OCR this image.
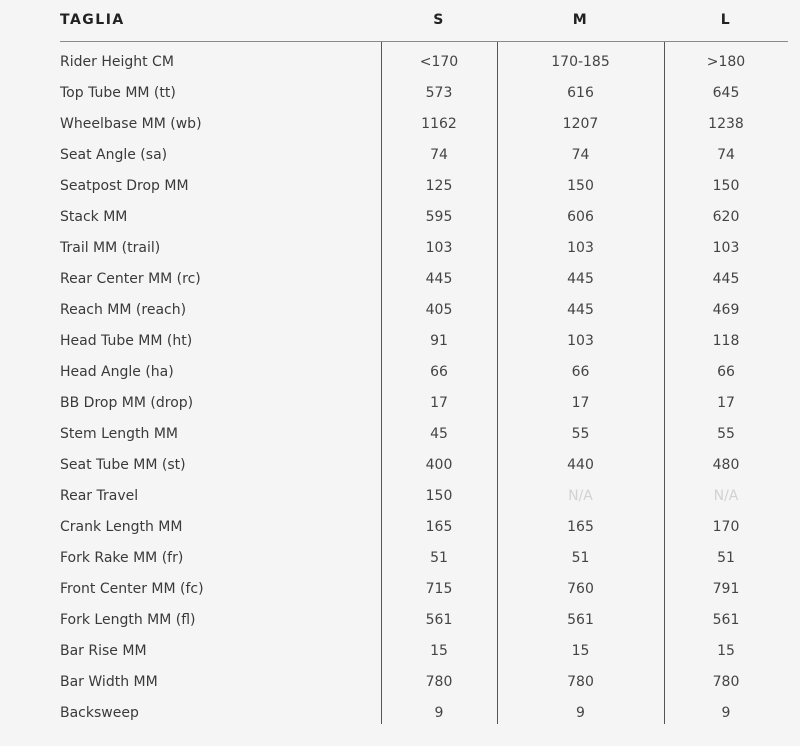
TAGLIA	S	M	L
Rider Height CM	<170	170-185	>180
Top Tube MM (tt)	573	616	645
Wheelbase MM (wb)	1162	1207	1238
Seat Angle (sa)	74	74	74
Seatpost Drop MM	125	150	150
Stack MM	595	606	620
Trail MM (trail)	103	103	103
Rear Center MM (rc)	445	445	445
Reach MM (reach)	405	445	469
Head Tube MM (ht)	91	103	118
Head Angle (ha)	66	66	66
BB Drop MM (drop)	17	17	17
Stem Length MM	45	55	55
Seat Tube MM (st)	400	440	480
Rear Travel	150	N/A	N/A
Crank Length MM	165	165	170
Fork Rake MM (fr)	51	51	51
Front Center MM (fc)	715	760	791
Fork Length MM (fl)	561	561	561
Bar Rise MM	15	15	15
Bar Width MM	780	780	780
Backsweep	9	9	9
